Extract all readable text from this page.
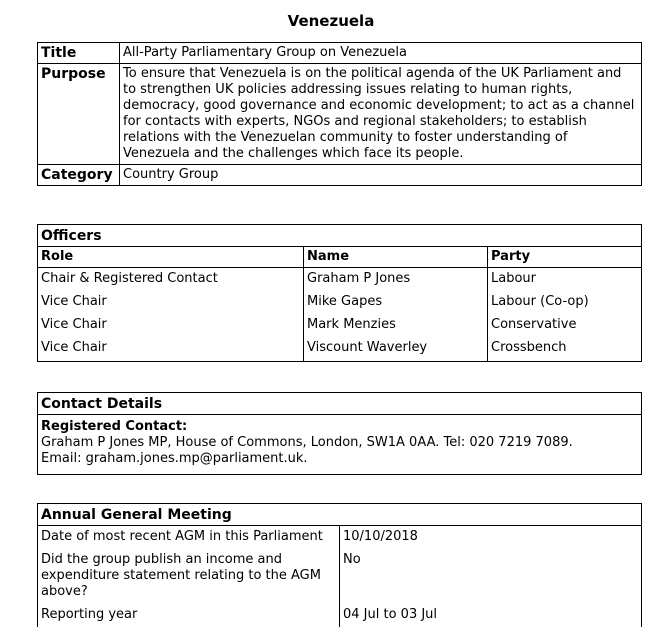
Venezuela
Title	All-Party Parliamentary Group on Venezuela
Purpose	To ensure that Venezuela is on the political agenda of the UK Parliament and to strengthen UK policies addressing issues relating to human rights, democracy, good governance and economic development; to act as a channel for contacts with experts, NGOs and regional stakeholders; to establish relations with the Venezuelan community to foster understanding of Venezuela and the challenges which face its people.
Category	Country Group
Officers		
Role	Name	Party
Chair & Registered Contact	Graham P Jones	Labour
Vice Chair	Mike Gapes	Labour (Co-op)
Vice Chair	Mark Menzies	Conservative
Vice Chair	Viscount Waverley	Crossbench
Contact Details

Registered Contact:
Graham P Jones MP, House of Commons, London, SW1A 0AA. Tel: 020 7219 7089.
Email: graham.jones.mp@parliament.uk.
Annual General Meeting	
Date of most recent AGM in this Parliament	10/10/2018
Did the group publish an income and expenditure statement relating to the AGM above?	No
Reporting year	04 Jul to 03 Jul
